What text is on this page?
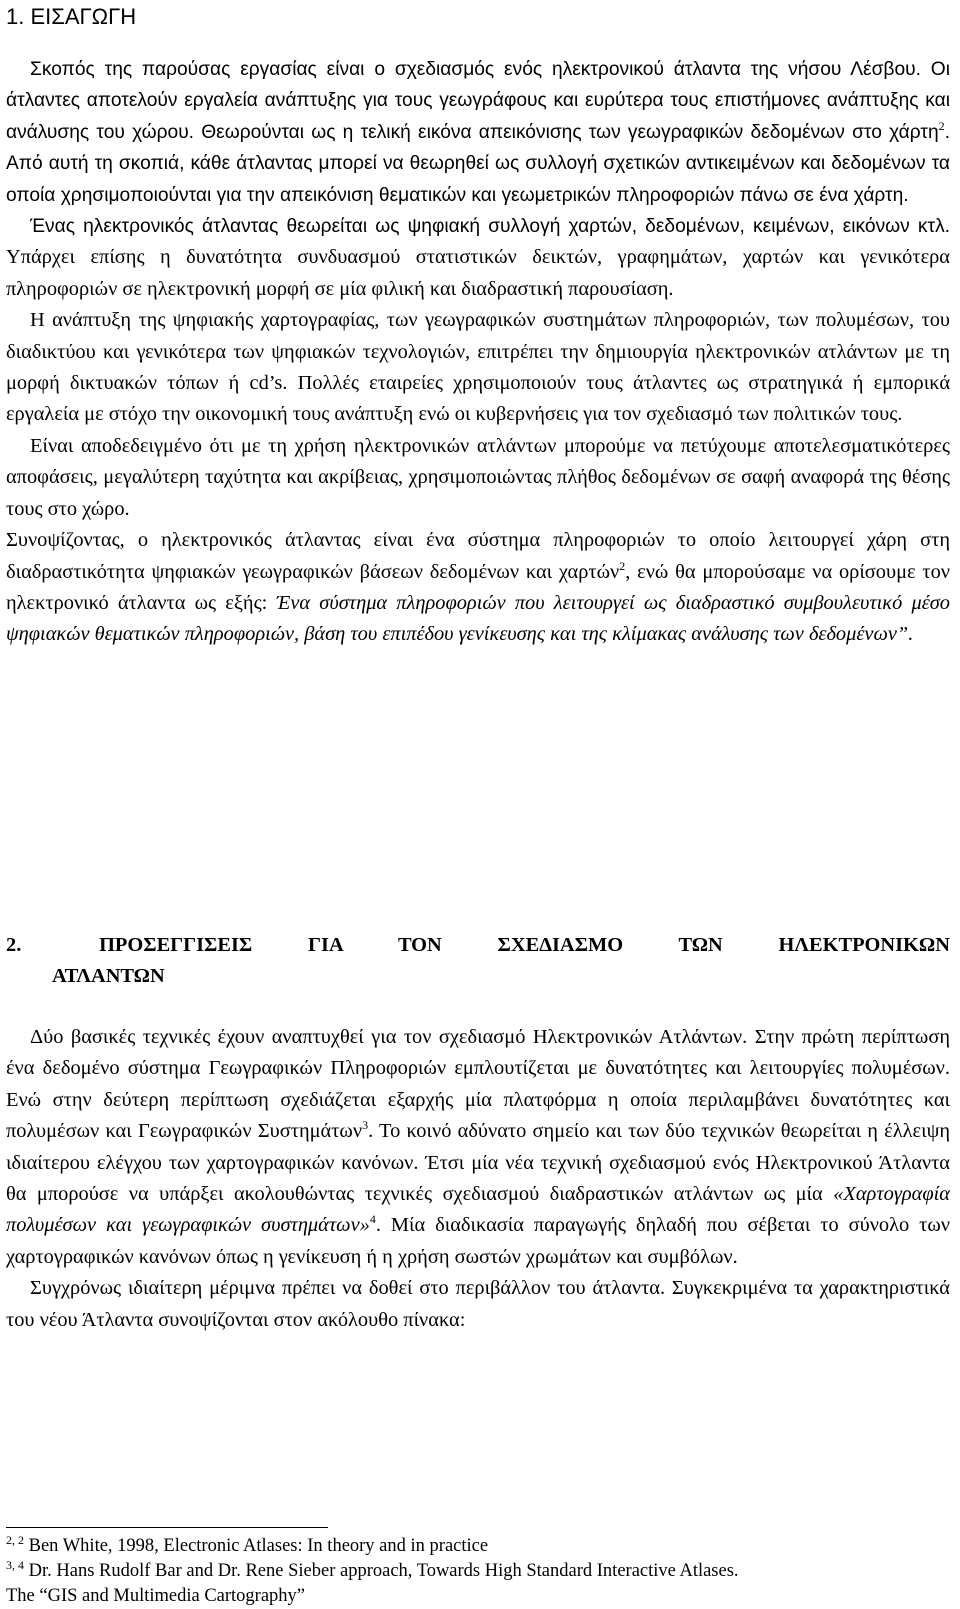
1. ΕΙΣΑΓΩΓΗ

Σκοπός της παρούσας εργασίας είναι ο σχεδιασμός ενός ηλεκτρονικού άτλαντα της νήσου Λέσβου. Οι άτλαντες αποτελούν εργαλεία ανάπτυξης για τους γεωγράφους και ευρύτερα τους επιστήμονες ανάπτυξης και ανάλυσης του χώρου. Θεωρούνται ως η τελική εικόνα απεικόνισης των γεωγραφικών δεδομένων στο χάρτη$^2$. Από αυτή τη σκοπιά, κάθε άτλαντας μπορεί να θεωρηθεί ως συλλογή σχετικών αντικειμένων και δεδομένων τα οποία χρησιμοποιούνται για την απεικόνιση θεματικών και γεωμετρικών πληροφοριών πάνω σε ένα χάρτη.

Ένας ηλεκτρονικός άτλαντας θεωρείται ως ψηφιακή συλλογή χαρτών, δεδομένων, κειμένων, εικόνων κτλ. Υπάρχει επίσης η δυνατότητα συνδυασμού στατιστικών δεικτών, γραφημάτων, χαρτών και γενικότερα πληροφοριών σε ηλεκτρονική μορφή σε μία φιλική και διαδραστική παρουσίαση.

Η ανάπτυξη της ψηφιακής χαρτογραφίας, των γεωγραφικών συστημάτων πληροφοριών, των πολυμέσων, του διαδικτύου και γενικότερα των ψηφιακών τεχνολογιών, επιτρέπει την δημιουργία ηλεκτρονικών ατλάντων με τη μορφή δικτυακών τόπων ή cd’s. Πολλές εταιρείες χρησιμοποιούν τους άτλαντες ως στρατηγικά ή εμπορικά εργαλεία με στόχο την οικονομική τους ανάπτυξη ενώ οι κυβερνήσεις για τον σχεδιασμό των πολιτικών τους.

Είναι αποδεδειγμένο ότι με τη χρήση ηλεκτρονικών ατλάντων μπορούμε να πετύχουμε αποτελεσματικότερες αποφάσεις, μεγαλύτερη ταχύτητα και ακρίβειας, χρησιμοποιώντας πλήθος δεδομένων σε σαφή αναφορά της θέσης τους στο χώρο.

Συνοψίζοντας, ο ηλεκτρονικός άτλαντας είναι ένα σύστημα πληροφοριών το οποίο λειτουργεί χάρη στη διαδραστικότητα ψηφιακών γεωγραφικών βάσεων δεδομένων και χαρτών$^2$, ενώ θα μπορούσαμε να ορίσουμε τον ηλεκτρονικό άτλαντα ως εξής: Ένα σύστημα πληροφοριών που λειτουργεί ως διαδραστικό συμβουλευτικό μέσο ψηφιακών θεματικών πληροφοριών, βάση του επιπέδου γενίκευσης και της κλίμακας ανάλυσης των δεδομένων”.

2.	ΠΡΟΣΕΓΓΙΣΕΙΣ	ΓΙΑ	ΤΟΝ	ΣΧΕΔΙΑΣΜΟ	ΤΩΝ	ΗΛΕΚΤΡΟΝΙΚΩΝ
ΑΤΛΑΝΤΩΝ

Δύο βασικές τεχνικές έχουν αναπτυχθεί για τον σχεδιασμό Ηλεκτρονικών Ατλάντων. Στην πρώτη περίπτωση ένα δεδομένο σύστημα Γεωγραφικών Πληροφοριών εμπλουτίζεται με δυνατότητες και λειτουργίες πολυμέσων. Ενώ στην δεύτερη περίπτωση σχεδιάζεται εξαρχής μία πλατφόρμα η οποία περιλαμβάνει δυνατότητες και πολυμέσων και Γεωγραφικών Συστημάτων$^3$. Το κοινό αδύνατο σημείο και των δύο τεχνικών θεωρείται η έλλειψη ιδιαίτερου ελέγχου των χαρτογραφικών κανόνων. Έτσι μία νέα τεχνική σχεδιασμού ενός Ηλεκτρονικού Άτλαντα θα μπορούσε να υπάρξει ακολουθώντας τεχνικές σχεδιασμού διαδραστικών ατλάντων ως μία «Χαρτογραφία πολυμέσων και γεωγραφικών συστημάτων»$^4$. Μία διαδικασία παραγωγής δηλαδή που σέβεται το σύνολο των χαρτογραφικών κανόνων όπως η γενίκευση ή η χρήση σωστών χρωμάτων και συμβόλων.

Συγχρόνως ιδιαίτερη μέριμνα πρέπει να δοθεί στο περιβάλλον του άτλαντα. Συγκεκριμένα τα χαρακτηριστικά του νέου Άτλαντα συνοψίζονται στον ακόλουθο πίνακα:

$^{2, 2}$ Ben White, 1998, Electronic Atlases: In theory and in practice

$^{3, 4}$ Dr. Hans Rudolf Bar and Dr. Rene Sieber approach, Towards High Standard Interactive Atlases.

The “GIS and Multimedia Cartography”
